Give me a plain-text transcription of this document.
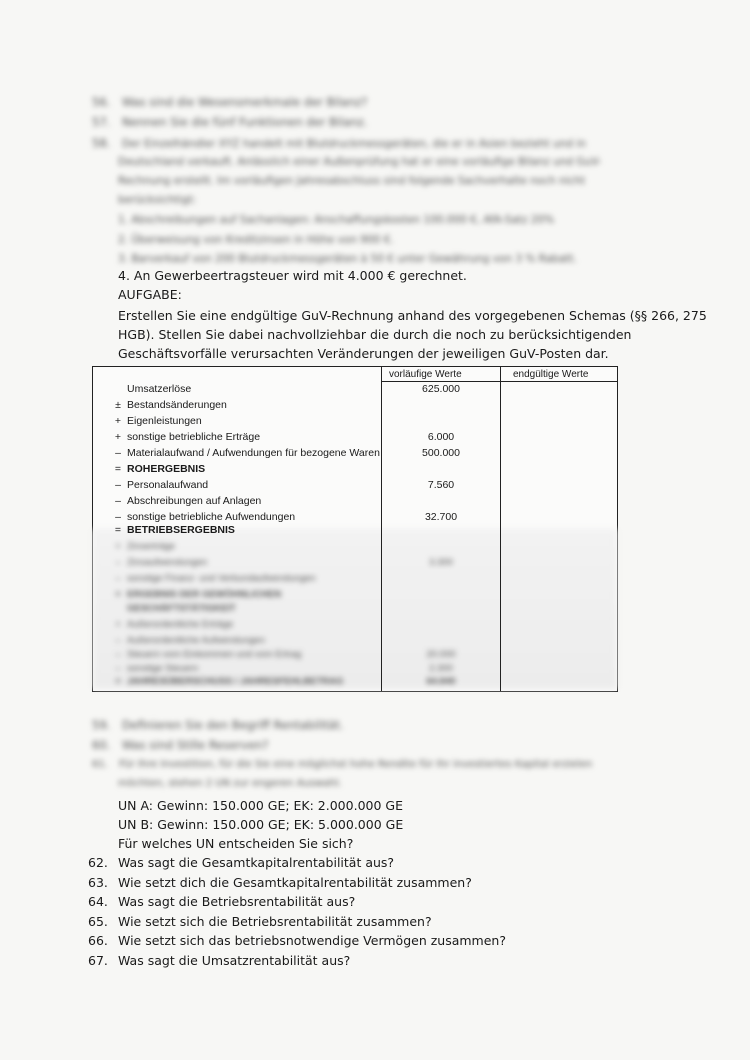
56. Was sind die Wesensmerkmale der Bilanz?
57. Nennen Sie die fünf Funktionen der Bilanz.
58. Der Einzelhändler XYZ handelt mit Blutdruckmessgeräten, die er in Asien bezieht und in
Deutschland verkauft. Anlässlich einer Außenprüfung hat er eine vorläufige Bilanz und GuV-
Rechnung erstellt. Im vorläufigen Jahresabschluss sind folgende Sachverhalte noch nicht
berücksichtigt:
1. Abschreibungen auf Sachanlagen: Anschaffungskosten 100.000 €, AfA-Satz 20%
2. Überweisung von Kreditzinsen in Höhe von 900 €.
3. Barverkauf von 200 Blutdruckmessgeräten à 50 € unter Gewährung von 3 % Rabatt.
4. An Gewerbeertragsteuer wird mit 4.000 € gerechnet.
AUFGABE:
Erstellen Sie eine endgültige GuV-Rechnung anhand des vorgegebenen Schemas (§§ 266, 275
HGB). Stellen Sie dabei nachvollziehbar die durch die noch zu berücksichtigenden
Geschäftsvorfälle verursachten Veränderungen der jeweiligen GuV-Posten dar.
vorläufige Werte	endgültige Werte
Umsatzerlöse	625.000
± Bestandsänderungen
+ Eigenleistungen
+ sonstige betriebliche Erträge	6.000
– Materialaufwand / Aufwendungen für bezogene Waren	500.000
= ROHERGEBNIS
– Personalaufwand	7.560
– Abschreibungen auf Anlagen
– sonstige betriebliche Aufwendungen	32.700
= BETRIEBSERGEBNIS
+ Zinserträge
– Zinsaufwendungen	3.300
– sonstige Finanz- und Verbundaufwendungen
= ERGEBNIS DER GEWÖHNLICHEN
GESCHÄFTSTÄTIGKEIT
+ Außerordentliche Erträge
– Außerordentliche Aufwendungen
– Steuern vom Einkommen und vom Ertrag	20.000
– sonstige Steuern	2.300
= JAHRESÜBERSCHUSS / JAHRESFEHLBETRAG	64.840
59. Definieren Sie den Begriff Rentabilität.
60. Was sind Stille Reserven?
61. Für Ihre Investition, für die Sie eine möglichst hohe Rendite für Ihr investiertes Kapital erzielen
möchten, stehen 2 UN zur engeren Auswahl.
UN A: Gewinn: 150.000 GE; EK: 2.000.000 GE
UN B: Gewinn: 150.000 GE; EK: 5.000.000 GE
Für welches UN entscheiden Sie sich?
62. Was sagt die Gesamtkapitalrentabilität aus?
63. Wie setzt dich die Gesamtkapitalrentabilität zusammen?
64. Was sagt die Betriebsrentabilität aus?
65. Wie setzt sich die Betriebsrentabilität zusammen?
66. Wie setzt sich das betriebsnotwendige Vermögen zusammen?
67. Was sagt die Umsatzrentabilität aus?
